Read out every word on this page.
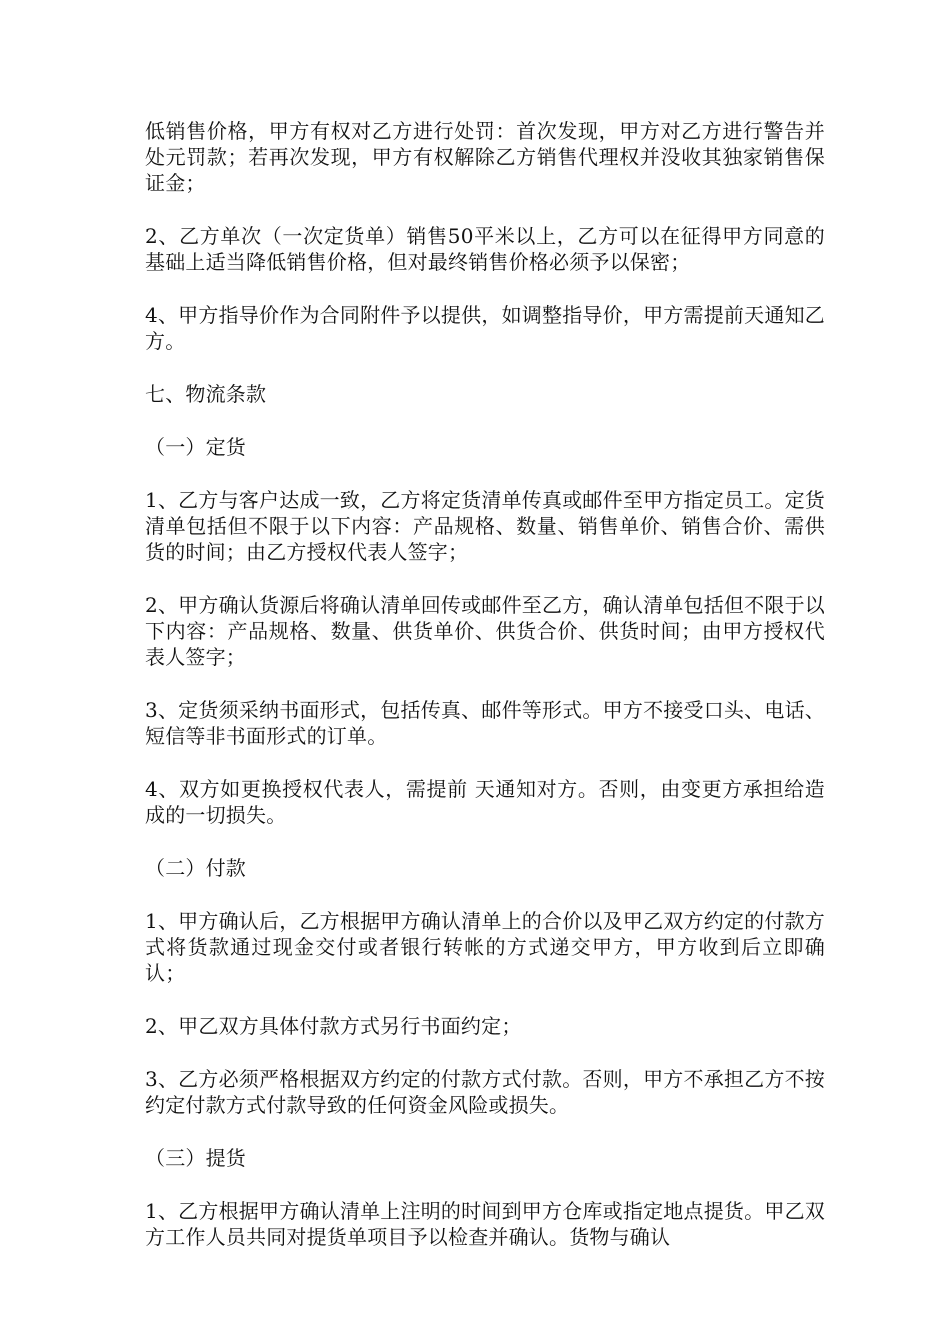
低销售价格，甲方有权对乙方进行处罚：首次发现，甲方对乙方进行警告并处元罚款；若再次发现，甲方有权解除乙方销售代理权并没收其独家销售保证金；

2、乙方单次（一次定货单）销售50平米以上，乙方可以在征得甲方同意的基础上适当降低销售价格，但对最终销售价格必须予以保密；

4、甲方指导价作为合同附件予以提供，如调整指导价，甲方需提前天通知乙方。

七、物流条款

（一）定货

1、乙方与客户达成一致，乙方将定货清单传真或邮件至甲方指定员工。定货清单包括但不限于以下内容：产品规格、数量、销售单价、销售合价、需供货的时间；由乙方授权代表人签字；

2、甲方确认货源后将确认清单回传或邮件至乙方，确认清单包括但不限于以下内容：产品规格、数量、供货单价、供货合价、供货时间；由甲方授权代表人签字；

3、定货须采纳书面形式，包括传真、邮件等形式。甲方不接受口头、电话、短信等非书面形式的订单。

4、双方如更换授权代表人，需提前 天通知对方。否则，由变更方承担给造成的一切损失。

（二）付款

1、甲方确认后，乙方根据甲方确认清单上的合价以及甲乙双方约定的付款方式将货款通过现金交付或者银行转帐的方式递交甲方，甲方收到后立即确认；

2、甲乙双方具体付款方式另行书面约定；

3、乙方必须严格根据双方约定的付款方式付款。否则，甲方不承担乙方不按约定付款方式付款导致的任何资金风险或损失。

（三）提货

1、乙方根据甲方确认清单上注明的时间到甲方仓库或指定地点提货。甲乙双方工作人员共同对提货单项目予以检查并确认。货物与确认
